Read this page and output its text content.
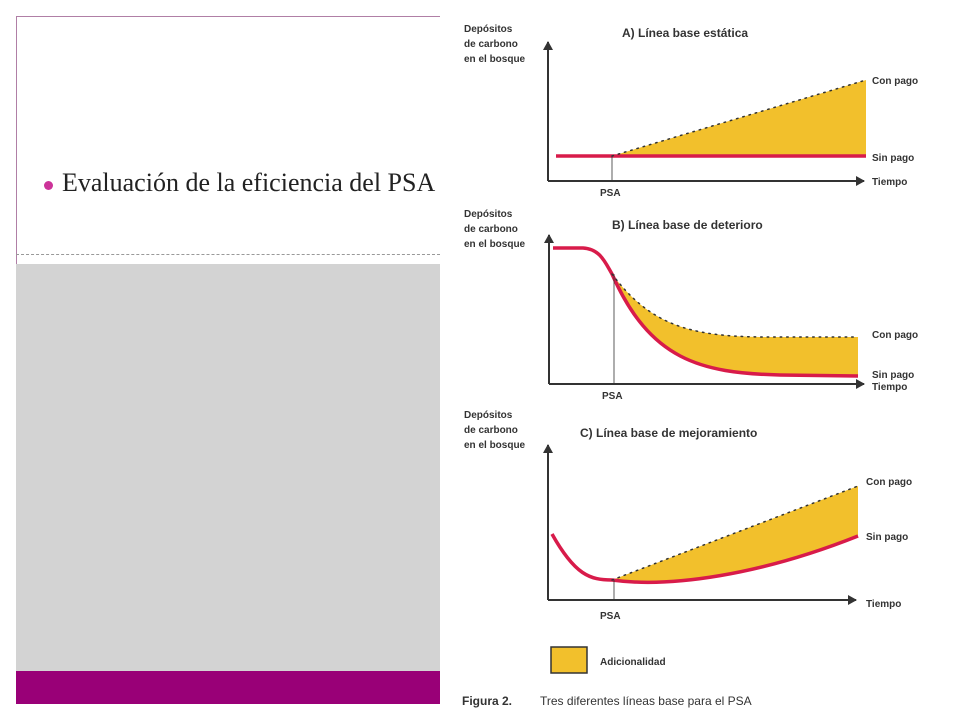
Evaluación de la eficiencia del PSA
Depósitos
de carbono
en el bosque
A) Línea base estática
PSA
Tiempo
Con pago
Sin pago
Depósitos
de carbono
en el bosque
B) Línea base de deterioro
PSA
Tiempo
Con pago
Sin pago
Depósitos
de carbono
en el bosque
C) Línea base de mejoramiento
PSA
Tiempo
Con pago
Sin pago
Adicionalidad
Figura 2. Tres diferentes líneas base para el PSA
